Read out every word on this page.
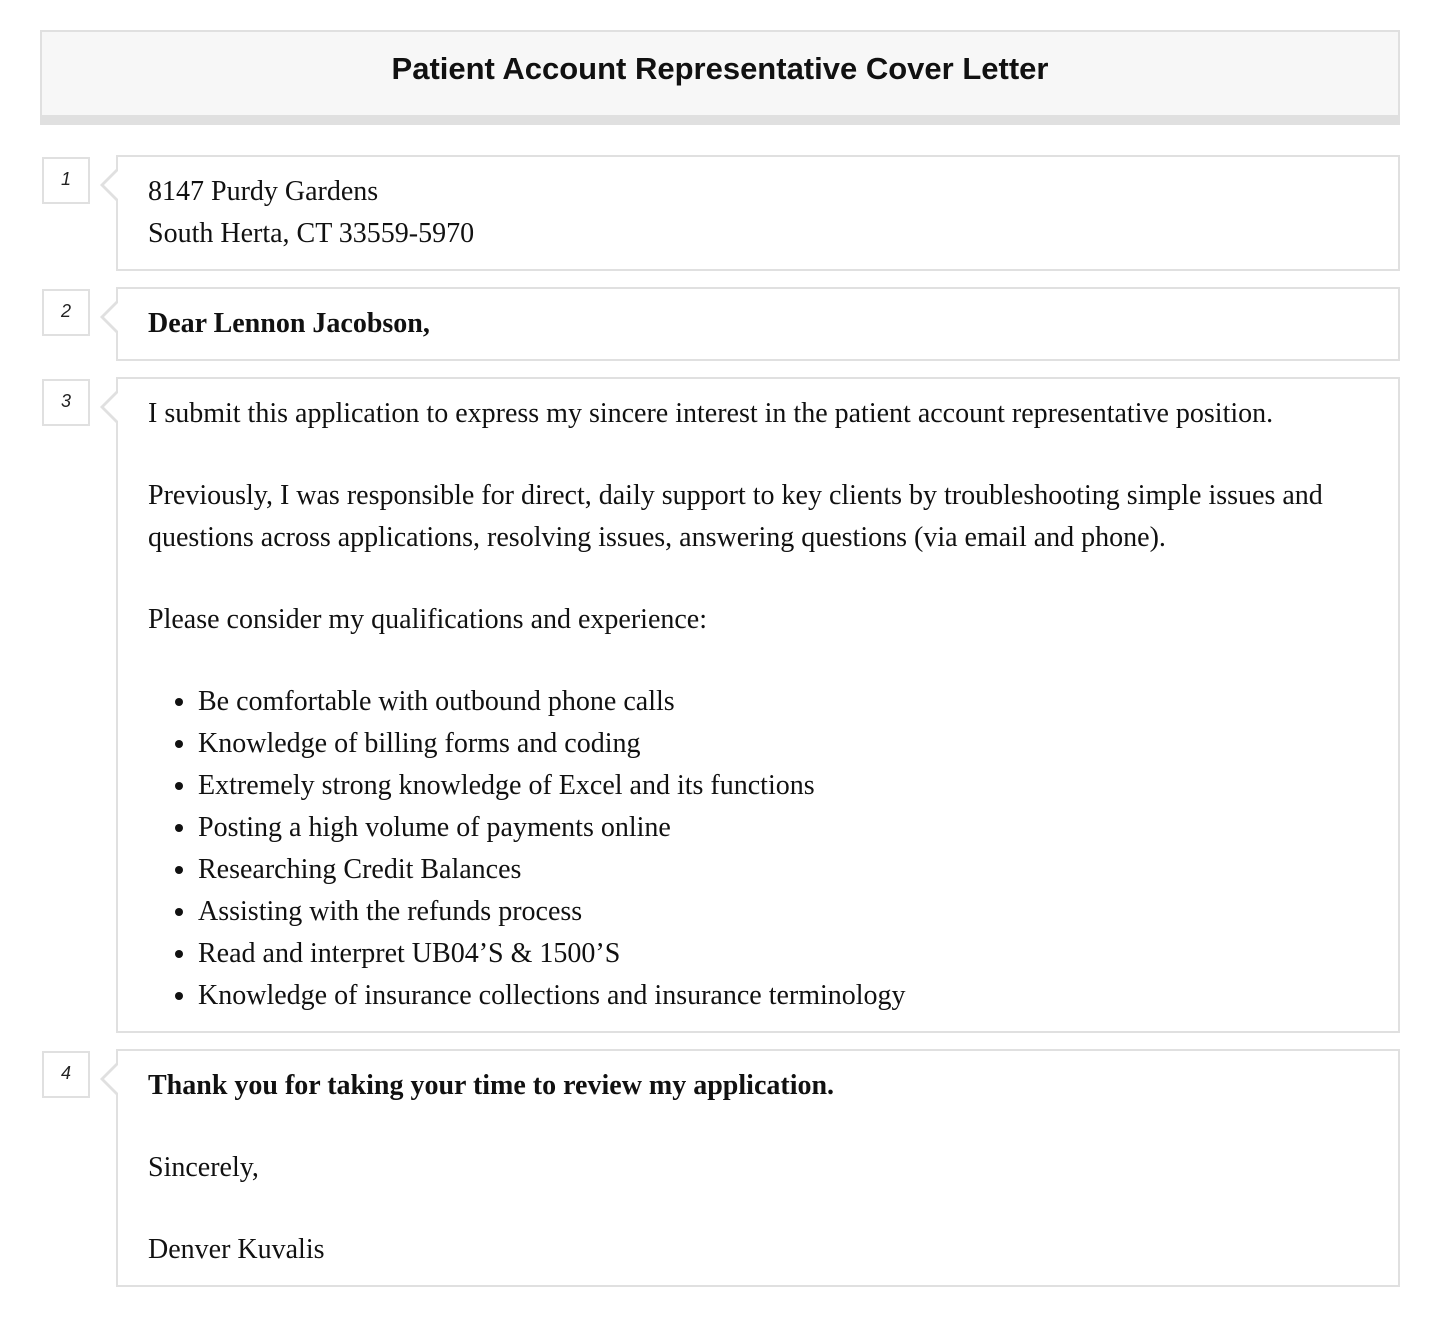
Patient Account Representative Cover Letter
1	8147 Purdy Gardens

South Herta, CT 33559-5970

2	Dear Lennon Jacobson,

3	I submit this application to express my sincere interest in the patient account representative position.

Previously, I was responsible for direct, daily support to key clients by troubleshooting simple issues and questions across applications, resolving issues, answering questions (via email and phone).

Please consider my qualifications and experience:

• Be comfortable with outbound phone calls
• Knowledge of billing forms and coding
• Extremely strong knowledge of Excel and its functions
• Posting a high volume of payments online
• Researching Credit Balances
• Assisting with the refunds process
• Read and interpret UB04’S & 1500’S
• Knowledge of insurance collections and insurance terminology
4	Thank you for taking your time to review my application.

Sincerely,

Denver Kuvalis
